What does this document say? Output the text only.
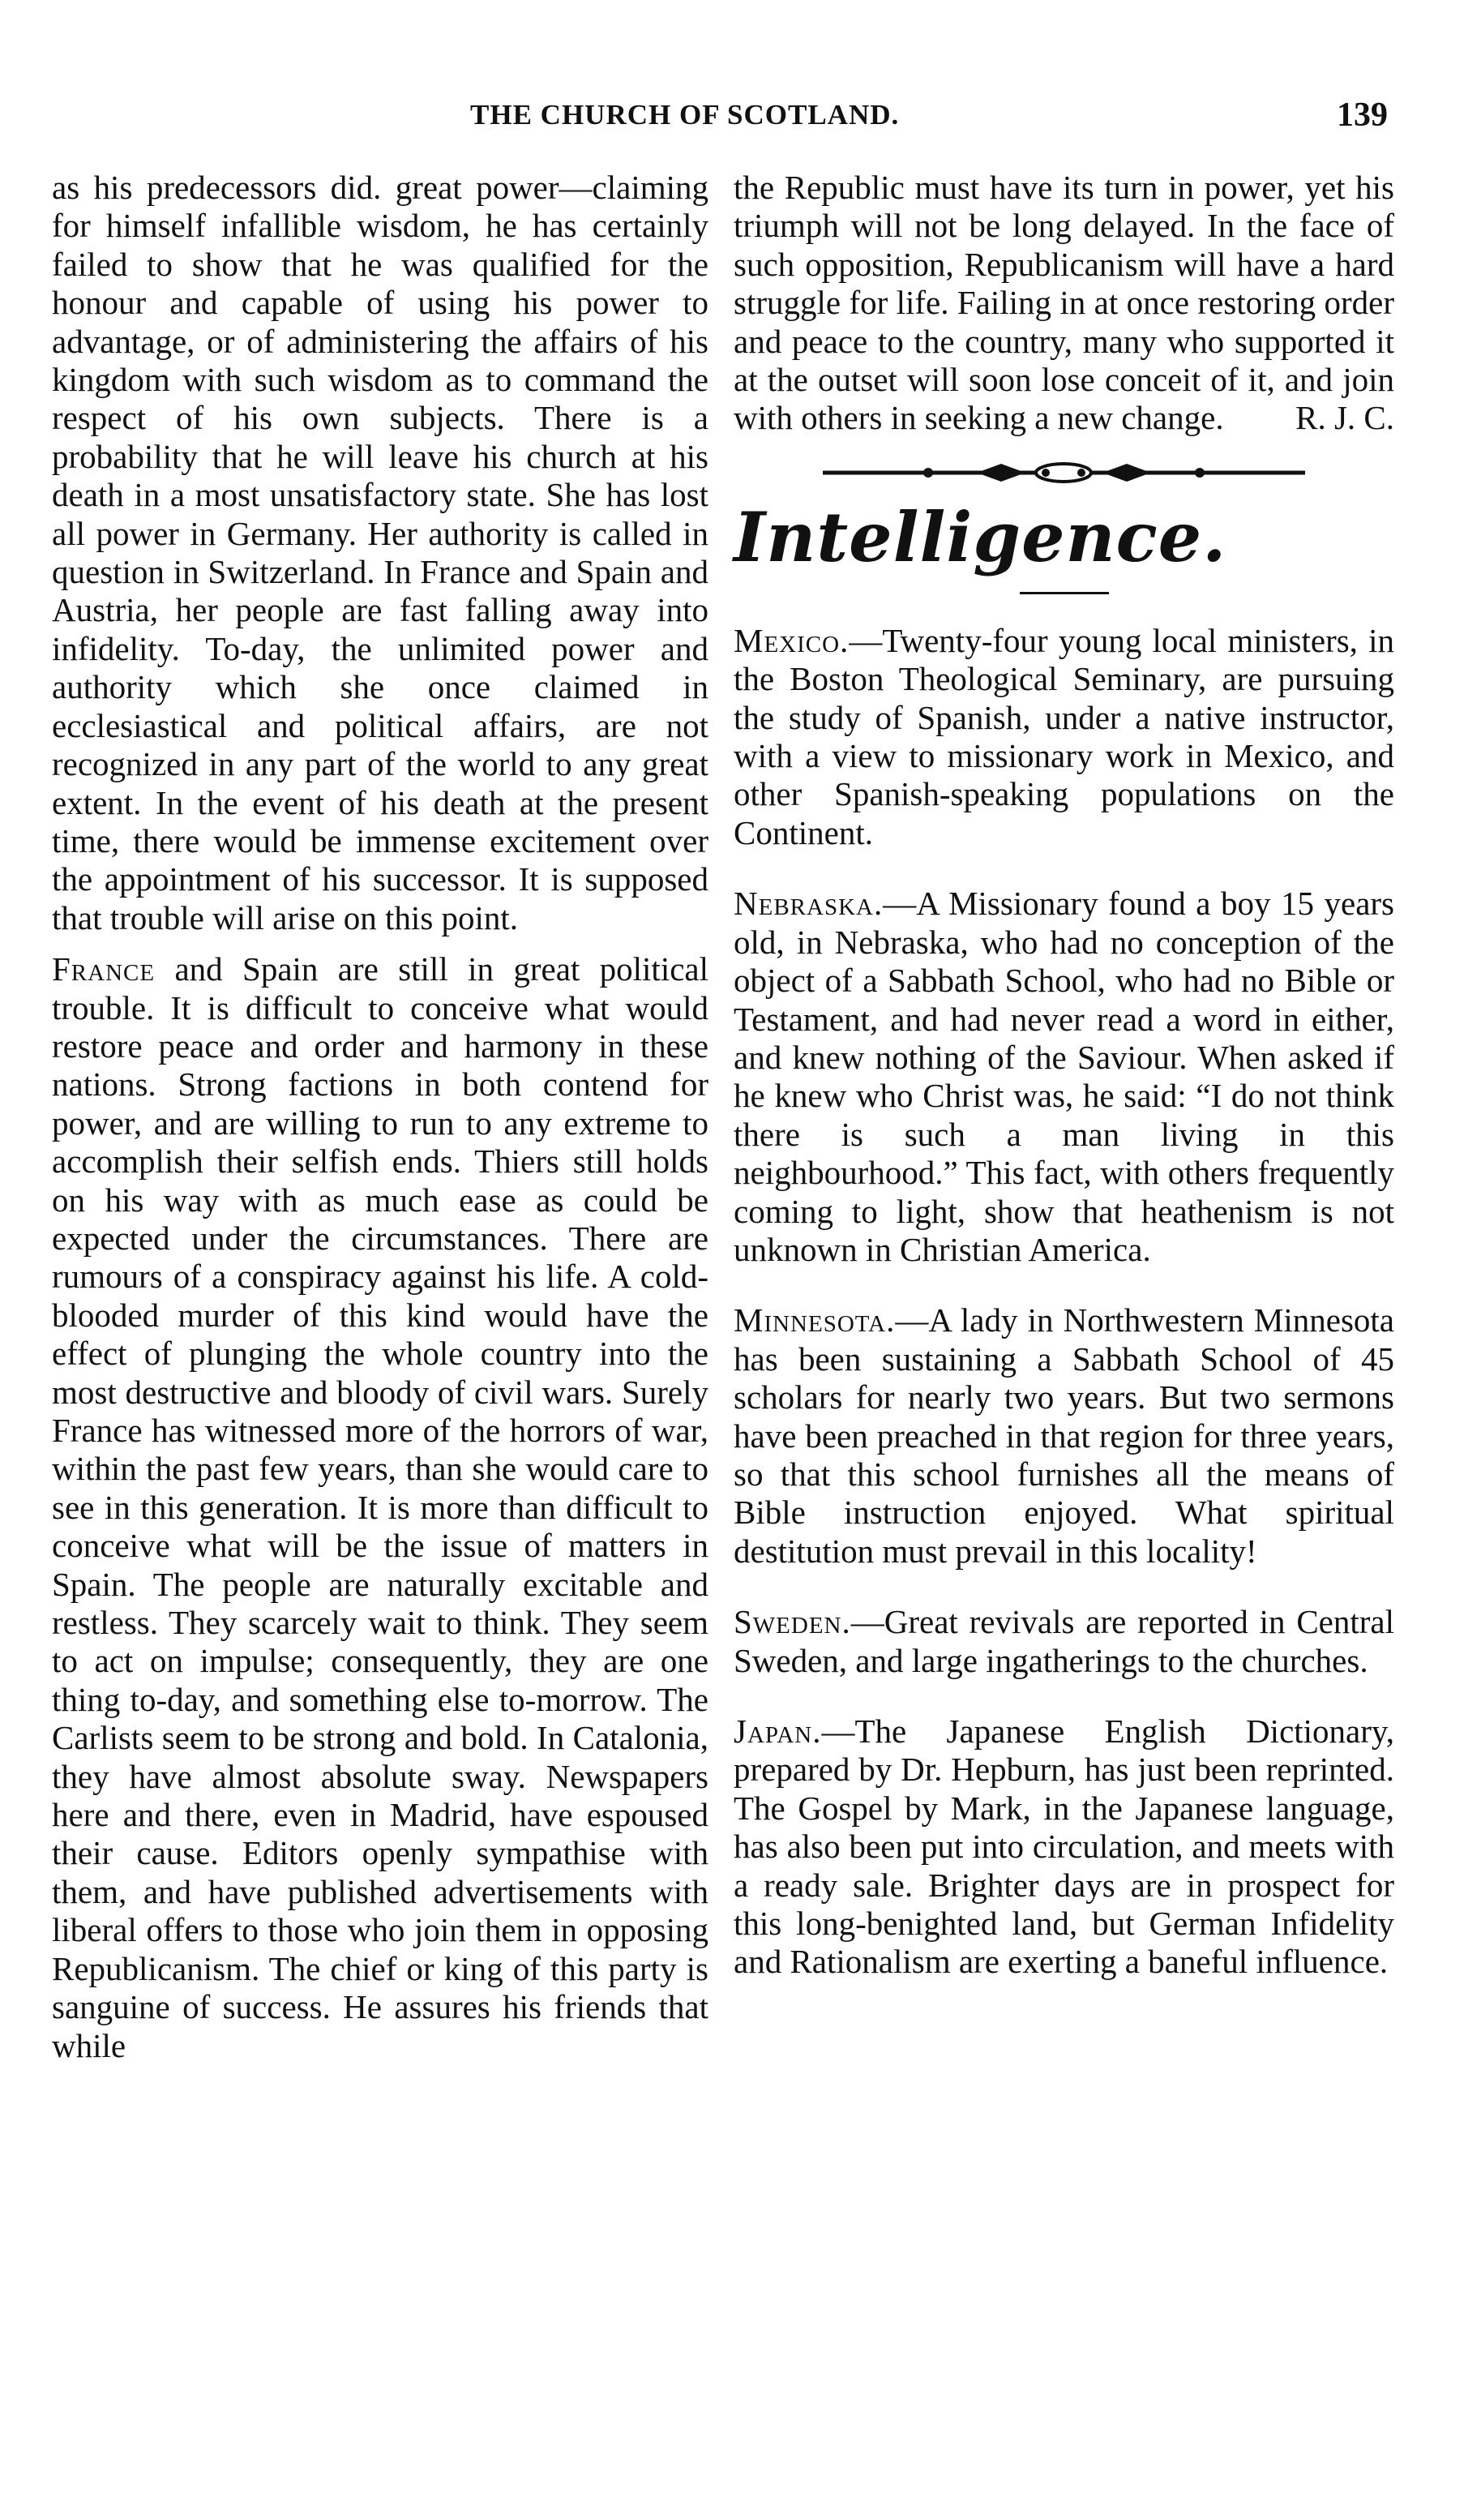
THE CHURCH OF SCOTLAND.	139

as his predecessors did. great power—claiming for himself infallible wisdom, he has certainly failed to show that he was qualified for the honour and capable of using his power to advantage, or of administering the affairs of his kingdom with such wisdom as to command the respect of his own subjects. There is a probability that he will leave his church at his death in a most unsatisfactory state. She has lost all power in Germany. Her authority is called in question in Switzerland. In France and Spain and Austria, her people are fast falling away into infidelity. To-day, the unlimited power and authority which she once claimed in ecclesiastical and political affairs, are not recognized in any part of the world to any great extent. In the event of his death at the present time, there would be immense excitement over the appointment of his successor. It is supposed that trouble will arise on this point.

France and Spain are still in great political trouble. It is difficult to conceive what would restore peace and order and harmony in these nations. Strong factions in both contend for power, and are willing to run to any extreme to accomplish their selfish ends. Thiers still holds on his way with as much ease as could be expected under the circumstances. There are rumours of a conspiracy against his life. A cold-blooded murder of this kind would have the effect of plunging the whole country into the most destructive and bloody of civil wars. Surely France has witnessed more of the horrors of war, within the past few years, than she would care to see in this generation. It is more than difficult to conceive what will be the issue of matters in Spain. The people are naturally excitable and restless. They scarcely wait to think. They seem to act on impulse; consequently, they are one thing to-day, and something else to-morrow. The Carlists seem to be strong and bold. In Catalonia, they have almost absolute sway. Newspapers here and there, even in Madrid, have espoused their cause. Editors openly sympathise with them, and have published advertisements with liberal offers to those who join them in opposing Republicanism. The chief or king of this party is sanguine of success. He assures his friends that while

the Republic must have its turn in power, yet his triumph will not be long delayed. In the face of such opposition, Republicanism will have a hard struggle for life. Failing in at once restoring order and peace to the country, many who supported it at the outset will soon lose conceit of it, and join with others in seeking a new change. R. J. C.

Intelligence.

Mexico.—Twenty-four young local ministers, in the Boston Theological Seminary, are pursuing the study of Spanish, under a native instructor, with a view to missionary work in Mexico, and other Spanish-speaking populations on the Continent.

Nebraska.—A Missionary found a boy 15 years old, in Nebraska, who had no conception of the object of a Sabbath School, who had no Bible or Testament, and had never read a word in either, and knew nothing of the Saviour. When asked if he knew who Christ was, he said: “I do not think there is such a man living in this neighbourhood.” This fact, with others frequently coming to light, show that heathenism is not unknown in Christian America.

Minnesota.—A lady in Northwestern Minnesota has been sustaining a Sabbath School of 45 scholars for nearly two years. But two sermons have been preached in that region for three years, so that this school furnishes all the means of Bible instruction enjoyed. What spiritual destitution must prevail in this locality!

Sweden.—Great revivals are reported in Central Sweden, and large ingatherings to the churches.

Japan.—The Japanese English Dictionary, prepared by Dr. Hepburn, has just been reprinted. The Gospel by Mark, in the Japanese language, has also been put into circulation, and meets with a ready sale. Brighter days are in prospect for this long-benighted land, but German Infidelity and Rationalism are exerting a baneful influence.
